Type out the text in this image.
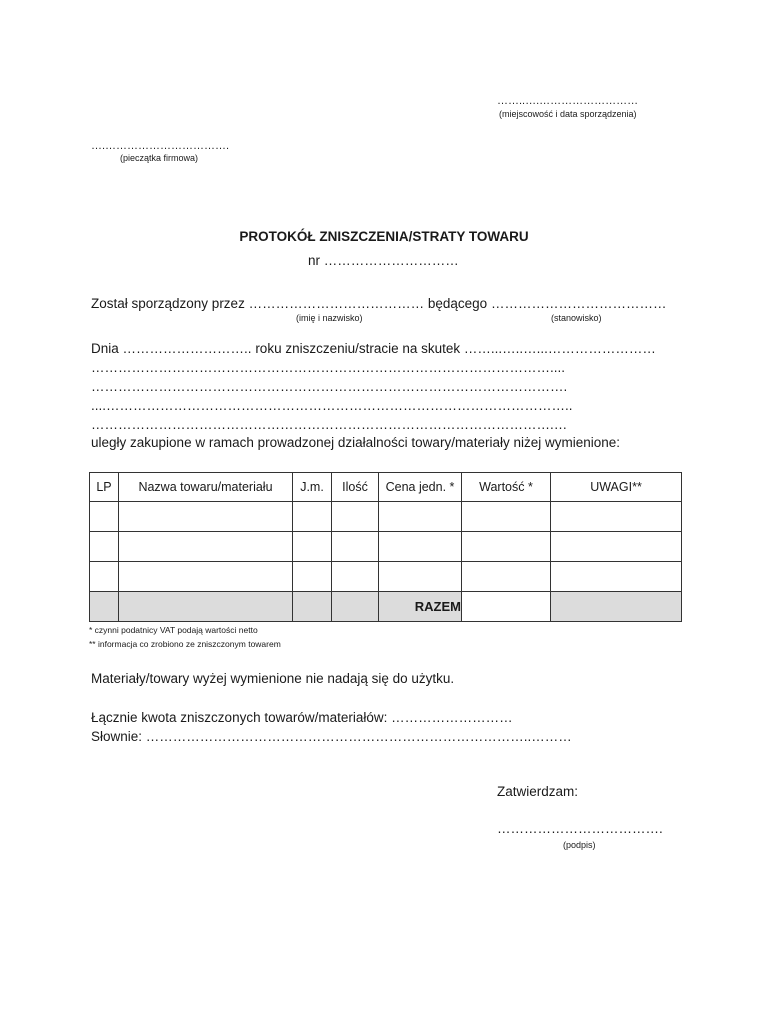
……..….………………………
(miejscowość i data sporządzenia)
….…………………………….
(pieczątka firmowa)
PROTOKÓŁ ZNISZCZENIA/STRATY TOWARU
nr …………………………
Został sporządzony przez ………………………………… będącego …………………………………
(imię i nazwisko)	(stanowisko)
Dnia ……………………….. roku zniszczeniu/stracie na skutek ……...…..…...……………………
…………………………………………………………………………………………....
…………………………………………………………………………………………….
....…………………………………………………………………………………………..
………………………………………………………………………………………….…
uległy zakupione w ramach prowadzonej działalności towary/materiały niżej wymienione:
LP	Nazwa towaru/materiału	J.m.	Ilość	Cena jedn. *	Wartość *	UWAGI**

				RAZEM		
* czynni podatnicy VAT podają wartości netto
** informacja co zrobiono ze zniszczonym towarem
Materiały/towary wyżej wymienione nie nadają się do użytku.
Łącznie kwota zniszczonych towarów/materiałów: ………………………
Słownie: …………………………………………………………………………..………
Zatwierdzam:
……………………………….
(podpis)
